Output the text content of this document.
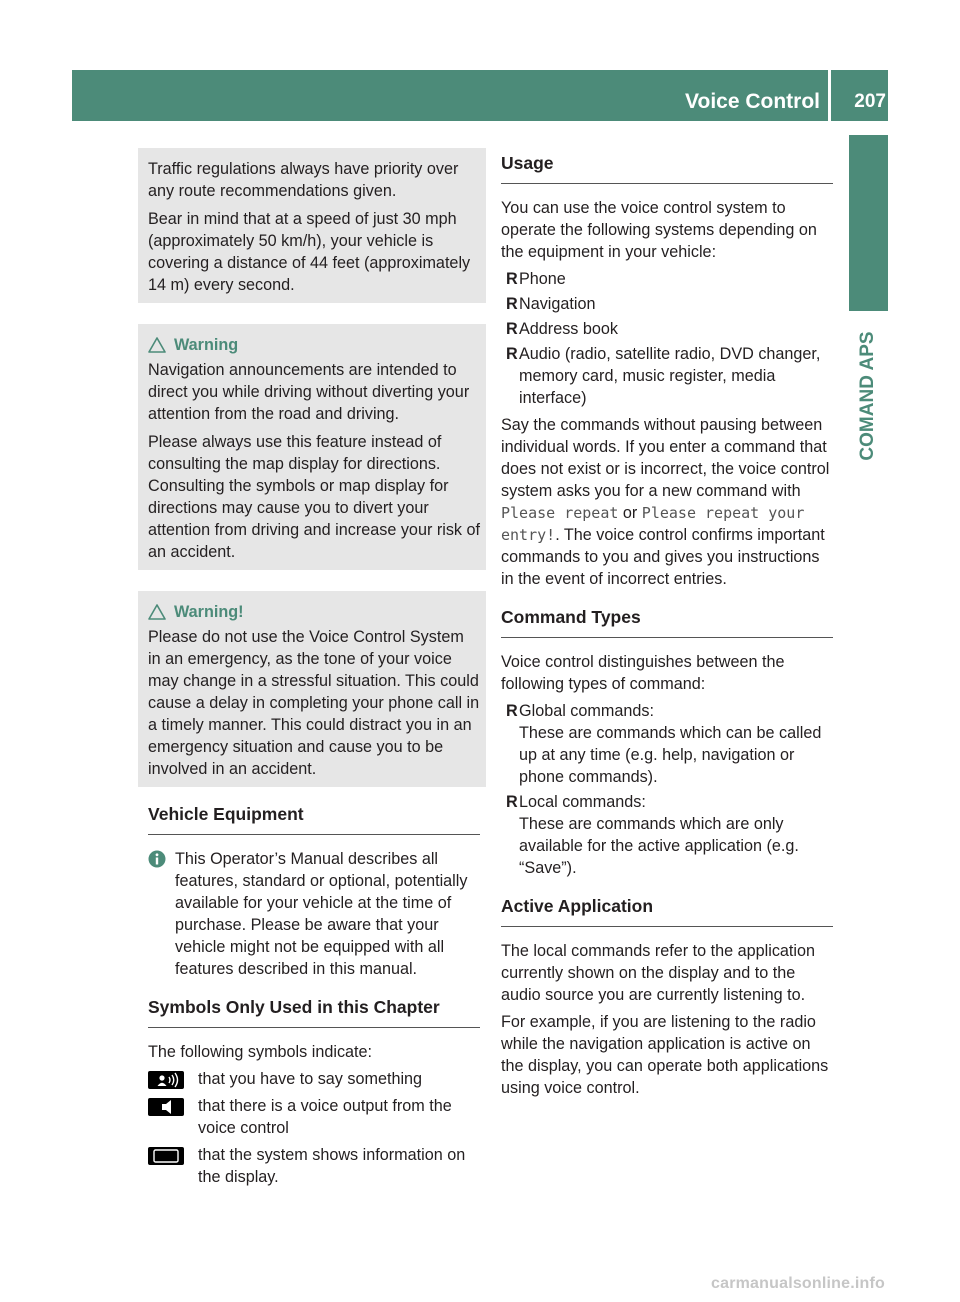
Voice Control 207
COMAND APS

Traffic regulations always have priority over any route recommendations given.

Bear in mind that at a speed of just 30 mph (approximately 50 km/h), your vehicle is covering a distance of 44 feet (approximately 14 m) every second.

Warning

Navigation announcements are intended to direct you while driving without diverting your attention from the road and driving.

Please always use this feature instead of consulting the map display for directions. Consulting the symbols or map display for directions may cause you to divert your attention from driving and increase your risk of an accident.

Warning!

Please do not use the Voice Control System in an emergency, as the tone of your voice may change in a stressful situation. This could cause a delay in completing your phone call in a timely manner. This could distract you in an emergency situation and cause you to be involved in an accident.

Vehicle Equipment
This Operator’s Manual describes all features, standard or optional, potentially available for your vehicle at the time of purchase. Please be aware that your vehicle might not be equipped with all features described in this manual.
Symbols Only Used in this Chapter

The following symbols indicate:

that you have to say something
that there is a voice output from the voice control
that the system shows information on the display.
Usage

You can use the voice control system to operate the following systems depending on the equipment in your vehicle:

R Phone
R Navigation
R Address book
R Audio (radio, satellite radio, DVD changer, memory card, music register, media interface)

Say the commands without pausing between individual words. If you enter a command that does not exist or is incorrect, the voice control system asks you for a new command with Please repeat or Please repeat your entry!. The voice control confirms important commands to you and gives you instructions in the event of incorrect entries.

Command Types

Voice control distinguishes between the following types of command:

R Global commands:
These are commands which can be called up at any time (e.g. help, navigation or phone commands).
R Local commands:
These are commands which are only available for the active application (e.g. “Save”).
Active Application

The local commands refer to the application currently shown on the display and to the audio source you are currently listening to.

For example, if you are listening to the radio while the navigation application is active on the display, you can operate both applications using voice control.

carmanualsonline.info
